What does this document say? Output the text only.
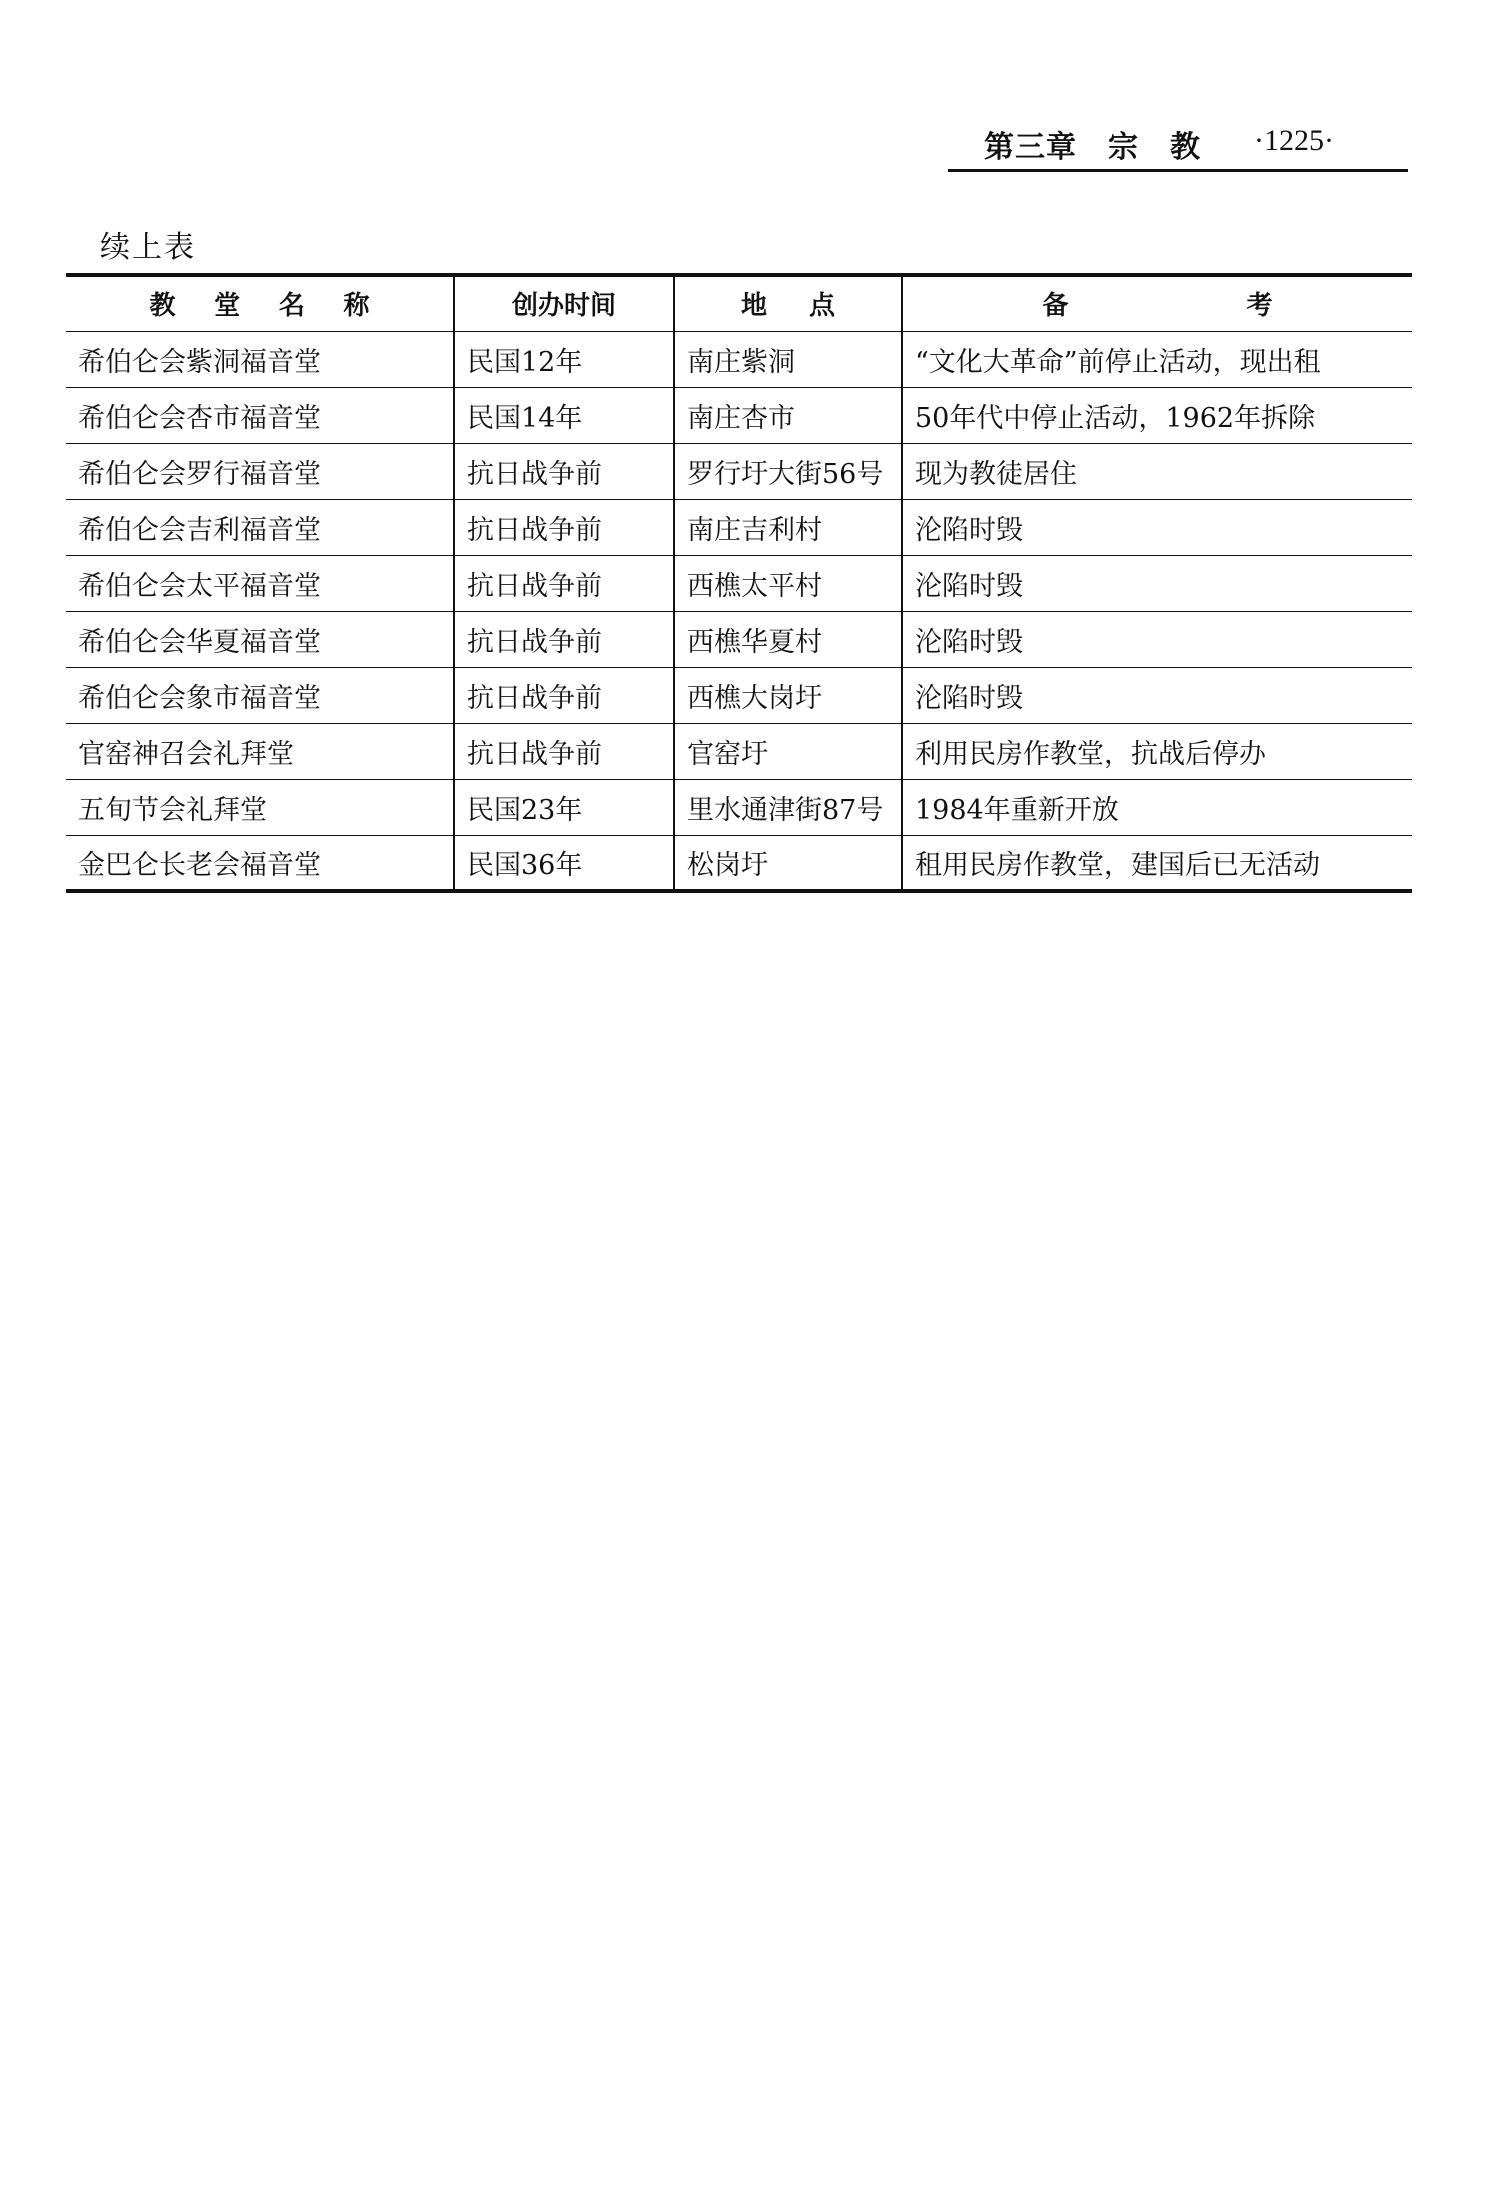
第三章　宗　教 ·1225·
续上表
教 堂 名 称	创办时间	地 点	备 考

希伯仑会紫洞福音堂	民国12年	南庄紫洞	“文化大革命”前停止活动，现出租
希伯仑会杏市福音堂	民国14年	南庄杏市	50年代中停止活动，1962年拆除
希伯仑会罗行福音堂	抗日战争前	罗行圩大街56号	现为教徒居住
希伯仑会吉利福音堂	抗日战争前	南庄吉利村	沦陷时毁
希伯仑会太平福音堂	抗日战争前	西樵太平村	沦陷时毁
希伯仑会华夏福音堂	抗日战争前	西樵华夏村	沦陷时毁
希伯仑会象市福音堂	抗日战争前	西樵大岗圩	沦陷时毁
官窑神召会礼拜堂	抗日战争前	官窑圩	利用民房作教堂，抗战后停办
五旬节会礼拜堂	民国23年	里水通津街87号	1984年重新开放
金巴仑长老会福音堂	民国36年	松岗圩	租用民房作教堂，建国后已无活动
